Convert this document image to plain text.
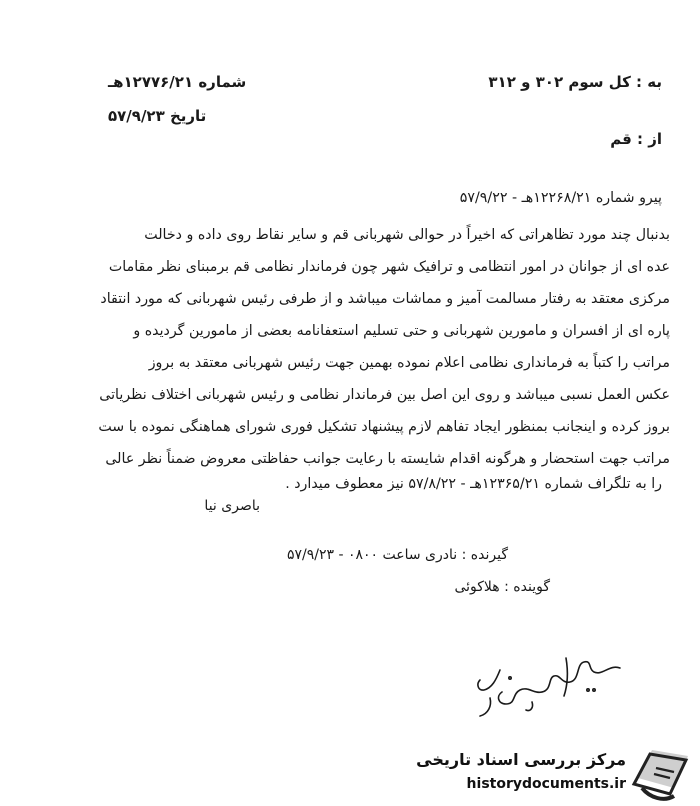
به : کل سوم ۳۰۲ و ۳۱۲
شماره ۱۲۷۷۶/۲۱هـ
تاریخ ۵۷/۹/۲۳
از : قم
پیرو شماره ۱۲۲۶۸/۲۱هـ - ۵۷/۹/۲۲
بدنبال چند مورد تظاهراتی که اخیراً در حوالی شهربانی قم و سایر نقاط روی داده و دخالت
عده ای از جوانان در امور انتظامی و ترافیک شهر چون فرماندار نظامی قم برمبنای نظر مقامات
مرکزی معتقد به رفتار مسالمت آمیز و مماشات میباشد و از طرفی رئیس شهربانی که مورد انتقاد
پاره ای از افسران و مامورین شهربانی و حتی تسلیم استعفانامه بعضی از مامورین گردیده و
مراتب را کتباً به فرمانداری نظامی اعلام نموده بهمین جهت رئیس شهربانی معتقد به بروز
عکس العمل نسبی میباشد و روی این اصل بین فرماندار نظامی و رئیس شهربانی اختلاف نظریاتی
بروز کرده و اینجانب بمنظور ایجاد تفاهم لازم پیشنهاد تشکیل فوری شورای هماهنگی نموده با ست
مراتب جهت استحضار و هرگونه اقدام شایسته با رعایت جوانب حفاظتی معروض ضمناً نظر عالی
را به تلگراف شماره ۱۲۳۶۵/۲۱هـ - ۵۷/۸/۲۲ نیز معطوف میدارد .
باصری نیا
گیرنده : نادری ساعت ۰۸۰۰ - ۵۷/۹/۲۳
گوینده : هلاکوئی
مرکز بررسی اسناد تاریخی
historydocuments.ir
